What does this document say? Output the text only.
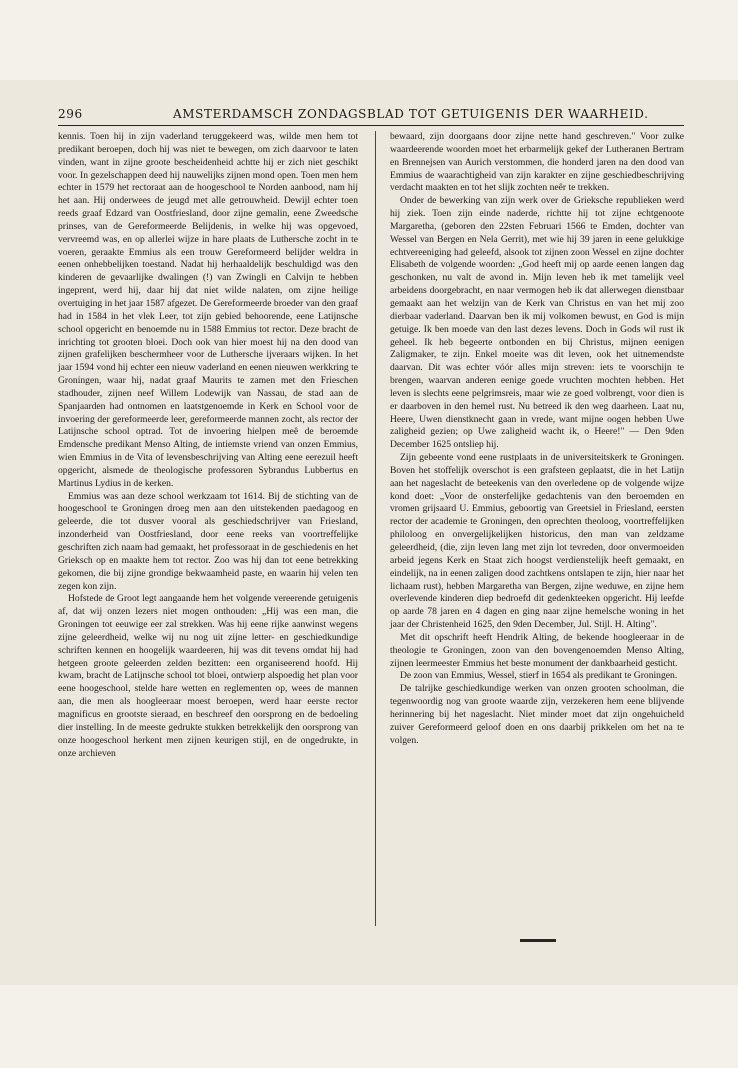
296	AMSTERDAMSCH ZONDAGSBLAD TOT GETUIGENIS DER WAARHEID.

kennis. Toen hij in zijn vaderland teruggekeerd was, wilde men hem tot predikant beroepen, doch hij was niet te bewegen, om zich daarvoor te laten vinden, want in zijne groote bescheidenheid achtte hij er zich niet geschikt voor. In gezelschappen deed hij nauwelijks zijnen mond open. Toen men hem echter in 1579 het rectoraat aan de hoogeschool te Norden aanbood, nam hij het aan. Hij onderwees de jeugd met alle getrouwheid. Dewijl echter toen reeds graaf Edzard van Oostfriesland, door zijne gemalin, eene Zweedsche prinses, van de Gereformeerde Belijdenis, in welke hij was opgevoed, vervreemd was, en op allerlei wijze in hare plaats de Luthersche zocht in te voeren, geraakte Emmius als een trouw Gereformeerd belijder weldra in eenen onhebbelijken toestand. Nadat hij herhaaldelijk beschuldigd was den kinderen de gevaarlijke dwalingen (!) van Zwingli en Calvijn te hebben ingeprent, werd hij, daar hij dat niet wilde nalaten, om zijne heilige overtuiging in het jaar 1587 afgezet. De Gereformeerde broeder van den graaf had in 1584 in het vlek Leer, tot zijn gebied behoorende, eene Latijnsche school opgericht en benoemde nu in 1588 Emmius tot rector. Deze bracht de inrichting tot grooten bloei. Doch ook van hier moest hij na den dood van zijnen grafelijken beschermheer voor de Luthersche ijveraars wijken. In het jaar 1594 vond hij echter een nieuw vaderland en eenen nieuwen werkkring te Groningen, waar hij, nadat graaf Maurits te zamen met den Frieschen stadhouder, zijnen neef Willem Lodewijk van Nassau, de stad aan de Spanjaarden had ontnomen en laatstgenoemde in Kerk en School voor de invoering der gereformeerde leer, gereformeerde mannen zocht, als rector der Latijnsche school optrad. Tot de invoering hielpen meê de beroemde Emdensche predikant Menso Alting, de intiemste vriend van onzen Emmius, wien Emmius in de Vita of levensbeschrijving van Alting eene eerezuil heeft opgericht, alsmede de theologische professoren Sybrandus Lubbertus en Martinus Lydius in de kerken.

Emmius was aan deze school werkzaam tot 1614. Bij de stichting van de hoogeschool te Groningen droeg men aan den uitstekenden paedagoog en geleerde, die tot dusver vooral als geschiedschrijver van Friesland, inzonderheid van Oostfriesland, door eene reeks van voortreffelijke geschriften zich naam had gemaakt, het professoraat in de geschiedenis en het Grieksch op en maakte hem tot rector. Zoo was hij dan tot eene betrekking gekomen, die bij zijne grondige bekwaamheid paste, en waarin hij velen ten zegen kon zijn.

Hofstede de Groot legt aangaande hem het volgende vereerende getuigenis af, dat wij onzen lezers niet mogen onthouden: „Hij was een man, die Groningen tot eeuwige eer zal strekken. Was hij eene rijke aanwinst wegens zijne geleerdheid, welke wij nu nog uit zijne letter- en geschiedkundige schriften kennen en hoogelijk waardeeren, hij was dit tevens omdat hij had hetgeen groote geleerden zelden bezitten: een organiseerend hoofd. Hij kwam, bracht de Latijnsche school tot bloei, ontwierp alspoedig het plan voor eene hoogeschool, stelde hare wetten en reglementen op, wees de mannen aan, die men als hoogleeraar moest beroepen, werd haar eerste rector magnificus en grootste sieraad, en beschreef den oorsprong en de bedoeling dier instelling. In de meeste gedrukte stukken betrekkelijk den oorsprong van onze hoogeschool herkent men zijnen keurigen stijl, en de ongedrukte, in onze archieven

bewaard, zijn doorgaans door zijne nette hand geschreven." Voor zulke waardeerende woorden moet het erbarmelijk gekef der Lutheranen Bertram en Brennejsen van Aurich verstommen, die honderd jaren na den dood van Emmius de waarachtigheid van zijn karakter en zijne geschiedbeschrijving verdacht maakten en tot het slijk zochten neêr te trekken.

Onder de bewerking van zijn werk over de Grieksche republieken werd hij ziek. Toen zijn einde naderde, richtte hij tot zijne echtgenoote Margaretha, (geboren den 22sten Februari 1566 te Emden, dochter van Wessel van Bergen en Nela Gerrit), met wie hij 39 jaren in eene gelukkige echtvereeniging had geleefd, alsook tot zijnen zoon Wessel en zijne dochter Elisabeth de volgende woorden: „God heeft mij op aarde eenen langen dag geschonken, nu valt de avond in. Mijn leven heb ik met tamelijk veel arbeidens doorgebracht, en naar vermogen heb ik dat allerwegen dienstbaar gemaakt aan het welzijn van de Kerk van Christus en van het mij zoo dierbaar vaderland. Daarvan ben ik mij volkomen bewust, en God is mijn getuige. Ik ben moede van den last dezes levens. Doch in Gods wil rust ik geheel. Ik heb begeerte ontbonden en bij Christus, mijnen eenigen Zaligmaker, te zijn. Enkel moeite was dit leven, ook het uitnemendste daarvan. Dit was echter vóór alles mijn streven: iets te voorschijn te brengen, waarvan anderen eenige goede vruchten mochten hebben. Het leven is slechts eene pelgrimsreis, maar wie ze goed volbrengt, voor dien is er daarboven in den hemel rust. Nu betreed ik den weg daarheen. Laat nu, Heere, Uwen dienstknecht gaan in vrede, want mijne oogen hebben Uwe zaligheid gezien; op Uwe zaligheid wacht ik, o Heere!" — Den 9den December 1625 ontsliep hij.

Zijn gebeente vond eene rustplaats in de universiteitskerk te Groningen. Boven het stoffelijk overschot is een grafsteen geplaatst, die in het Latijn aan het nageslacht de beteekenis van den overledene op de volgende wijze kond doet: „Voor de onsterfelijke gedachtenis van den beroemden en vromen grijsaard U. Emmius, geboortig van Greetsiel in Friesland, eersten rector der academie te Groningen, den oprechten theoloog, voortreffelijken philoloog en onvergelijkelijken historicus, den man van zeldzame geleerdheid, (die, zijn leven lang met zijn lot tevreden, door onvermoeiden arbeid jegens Kerk en Staat zich hoogst verdienstelijk heeft gemaakt, en eindelijk, na in eenen zaligen dood zachtkens ontslapen te zijn, hier naar het lichaam rust), hebben Margaretha van Bergen, zijne weduwe, en zijne hem overlevende kinderen diep bedroefd dit gedenkteeken opgericht. Hij leefde op aarde 78 jaren en 4 dagen en ging naar zijne hemelsche woning in het jaar der Christenheid 1625, den 9den December, Jul. Stijl. H. Alting".

Met dit opschrift heeft Hendrik Alting, de bekende hoogleeraar in de theologie te Groningen, zoon van den bovengenoemden Menso Alting, zijnen leermeester Emmius het beste monument der dankbaarheid gesticht.

De zoon van Emmius, Wessel, stierf in 1654 als predikant te Groningen.

De talrijke geschiedkundige werken van onzen grooten schoolman, die tegenwoordig nog van groote waarde zijn, verzekeren hem eene blijvende herinnering bij het nageslacht. Niet minder moet dat zijn ongehuicheld zuiver Gereformeerd geloof doen en ons daarbij prikkelen om het na te volgen.
